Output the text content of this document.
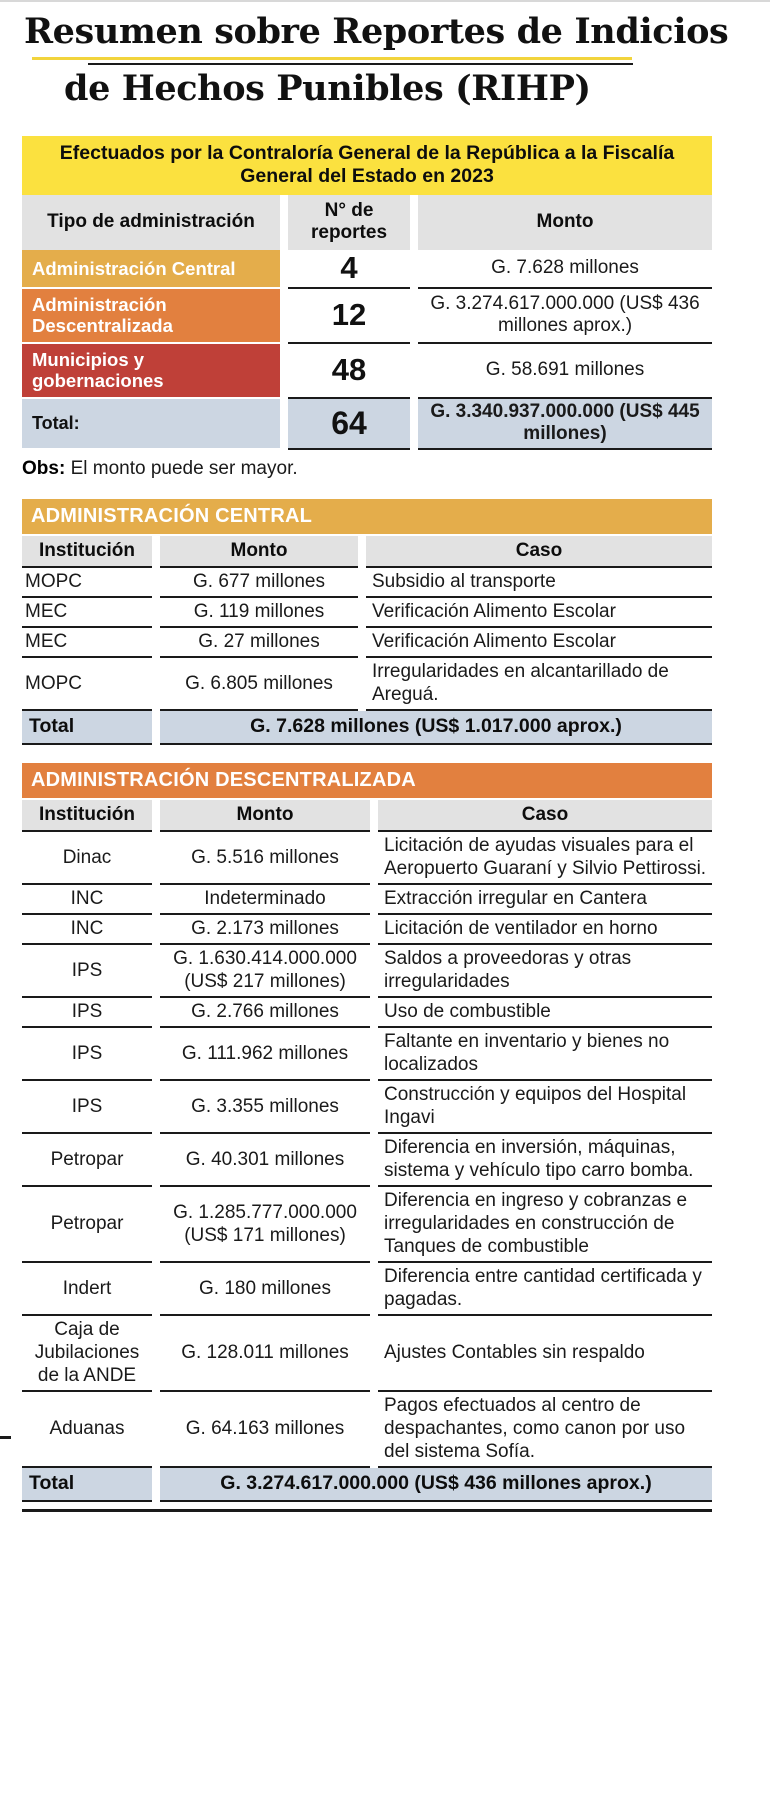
Resumen sobre Reportes de Indicios
de Hechos Punibles (RIHP)
Efectuados por la Contraloría General de la República a la Fiscalía General del Estado en 2023				
Tipo de administración		N° de reportes		Monto
Administración Central		4		G. 7.628 millones
Administración Descentralizada		12		G. 3.274.617.000.000 (US$ 436 millones aprox.)
Municipios y gobernaciones		48		G. 58.691 millones
Total:		64		G. 3.340.937.000.000 (US$ 445 millones)
Obs: El monto puede ser mayor.
ADMINISTRACIÓN CENTRAL
Institución		Monto		Caso
MOPC		G. 677 millones		Subsidio al transporte
MEC		G. 119 millones		Verificación Alimento Escolar
MEC		G. 27 millones		Verificación Alimento Escolar
MOPC		G. 6.805 millones		Irregularidades en alcantarillado de Areguá.
Total		G. 7.628 millones (US$ 1.017.000 aprox.)		
ADMINISTRACIÓN DESCENTRALIZADA
Institución		Monto		Caso
Dinac		G. 5.516 millones		Licitación de ayudas visuales para el Aeropuerto Guaraní y Silvio Pettirossi.
INC		Indeterminado		Extracción irregular en Cantera
INC		G. 2.173 millones		Licitación de ventilador en horno
IPS		G. 1.630.414.000.000 (US$ 217 millones)		Saldos a proveedoras y otras irregularidades
IPS		G. 2.766 millones		Uso de combustible
IPS		G. 111.962 millones		Faltante en inventario y bienes no localizados
IPS		G. 3.355 millones		Construcción y equipos del Hospital Ingavi
Petropar		G. 40.301 millones		Diferencia en inversión, máquinas, sistema y vehículo tipo carro bomba.
Petropar		G. 1.285.777.000.000 (US$ 171 millones)		Diferencia en ingreso y cobranzas e irregularidades en construcción de Tanques de combustible
Indert		G. 180 millones		Diferencia entre cantidad certificada y pagadas.
Caja de Jubilaciones de la ANDE		G. 128.011 millones		Ajustes Contables sin respaldo
Aduanas		G. 64.163 millones		Pagos efectuados al centro de despachantes, como canon por uso del sistema Sofía.
Total		G. 3.274.617.000.000 (US$ 436 millones aprox.)		
